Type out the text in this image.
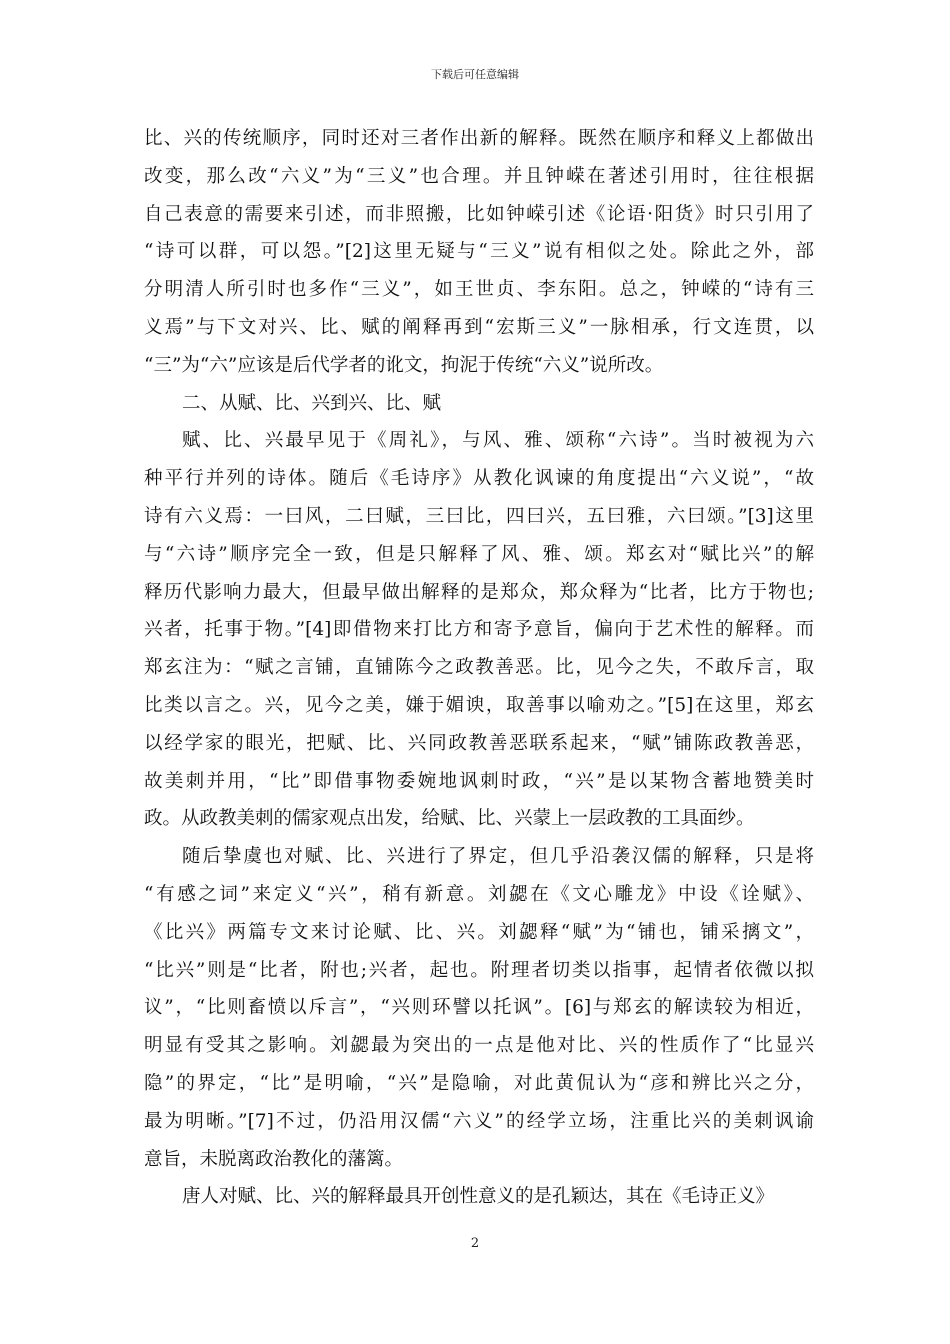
下载后可任意编辑
比、兴的传统顺序，同时还对三者作出新的解释。既然在顺序和释义上都做出
改变，那么改“六义”为“三义”也合理。并且钟嵘在著述引用时，往往根据
自己表意的需要来引述，而非照搬，比如钟嵘引述《论语·阳货》时只引用了
“诗可以群，可以怨。”[2]这里无疑与“三义”说有相似之处。除此之外，部
分明清人所引时也多作“三义”，如王世贞、李东阳。总之，钟嵘的“诗有三
义焉”与下文对兴、比、赋的阐释再到“宏斯三义”一脉相承，行文连贯，以
“三”为“六”应该是后代学者的讹文，拘泥于传统“六义”说所改。
二、从赋、比、兴到兴、比、赋
赋、比、兴最早见于《周礼》，与风、雅、颂称“六诗”。当时被视为六
种平行并列的诗体。随后《毛诗序》从教化讽谏的角度提出“六义说”，“故
诗有六义焉：一曰风，二曰赋，三曰比，四曰兴，五曰雅，六曰颂。”[3]这里
与“六诗”顺序完全一致，但是只解释了风、雅、颂。郑玄对“赋比兴”的解
释历代影响力最大，但最早做出解释的是郑众，郑众释为“比者，比方于物也;
兴者，托事于物。”[4]即借物来打比方和寄予意旨，偏向于艺术性的解释。而
郑玄注为：“赋之言铺，直铺陈今之政教善恶。比，见今之失，不敢斥言，取
比类以言之。兴，见今之美，嫌于媚谀，取善事以喻劝之。”[5]在这里，郑玄
以经学家的眼光，把赋、比、兴同政教善恶联系起来，“赋”铺陈政教善恶，
故美刺并用，“比”即借事物委婉地讽刺时政，“兴”是以某物含蓄地赞美时
政。从政教美刺的儒家观点出发，给赋、比、兴蒙上一层政教的工具面纱。
随后挚虞也对赋、比、兴进行了界定，但几乎沿袭汉儒的解释，只是将
“有感之词”来定义“兴”，稍有新意。刘勰在《文心雕龙》中设《诠赋》、
《比兴》两篇专文来讨论赋、比、兴。刘勰释“赋”为“铺也，铺采摛文”，
“比兴”则是“比者，附也;兴者，起也。附理者切类以指事，起情者依微以拟
议”，“比则畜愤以斥言”，“兴则环譬以托讽”。[6]与郑玄的解读较为相近，
明显有受其之影响。刘勰最为突出的一点是他对比、兴的性质作了“比显兴
隐”的界定，“比”是明喻，“兴”是隐喻，对此黄侃认为“彦和辨比兴之分，
最为明晰。”[7]不过，仍沿用汉儒“六义”的经学立场，注重比兴的美刺讽谕
意旨，未脱离政治教化的藩篱。
唐人对赋、比、兴的解释最具开创性意义的是孔颖达，其在《毛诗正义》
2
